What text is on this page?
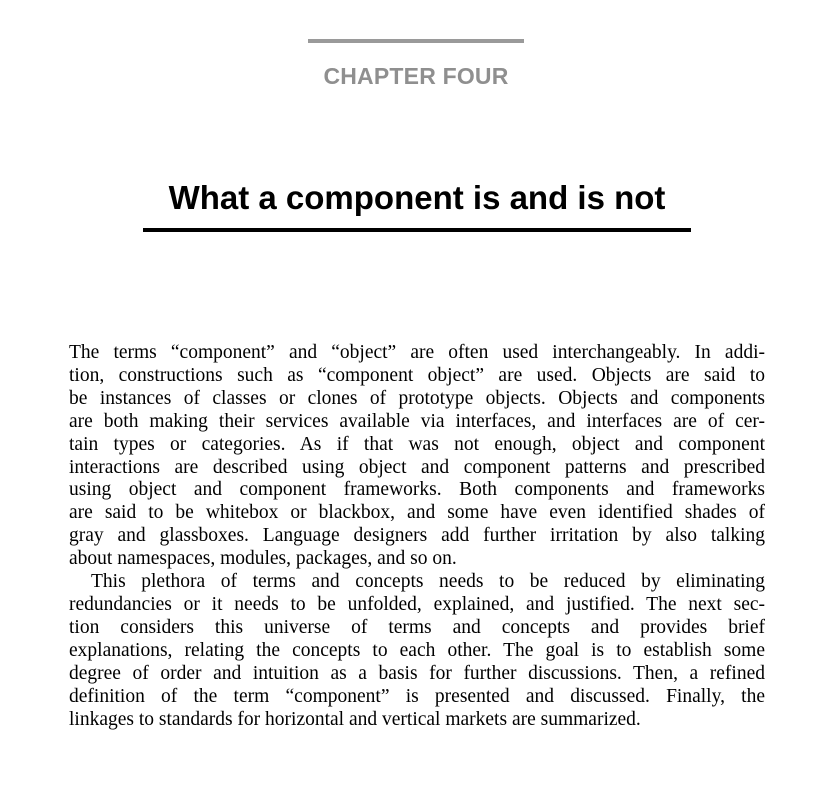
CHAPTER FOUR
What a component is and is not

The terms “component” and “object” are often used interchangeably. In addi-
tion, constructions such as “component object” are used. Objects are said to
be instances of classes or clones of prototype objects. Objects and components
are both making their services available via interfaces, and interfaces are of cer-
tain types or categories. As if that was not enough, object and component
interactions are described using object and component patterns and prescribed
using object and component frameworks. Both components and frameworks
are said to be whitebox or blackbox, and some have even identified shades of
gray and glassboxes. Language designers add further irritation by also talking
about namespaces, modules, packages, and so on.

This plethora of terms and concepts needs to be reduced by eliminating
redundancies or it needs to be unfolded, explained, and justified. The next sec-
tion considers this universe of terms and concepts and provides brief
explanations, relating the concepts to each other. The goal is to establish some
degree of order and intuition as a basis for further discussions. Then, a refined
definition of the term “component” is presented and discussed. Finally, the
linkages to standards for horizontal and vertical markets are summarized.
